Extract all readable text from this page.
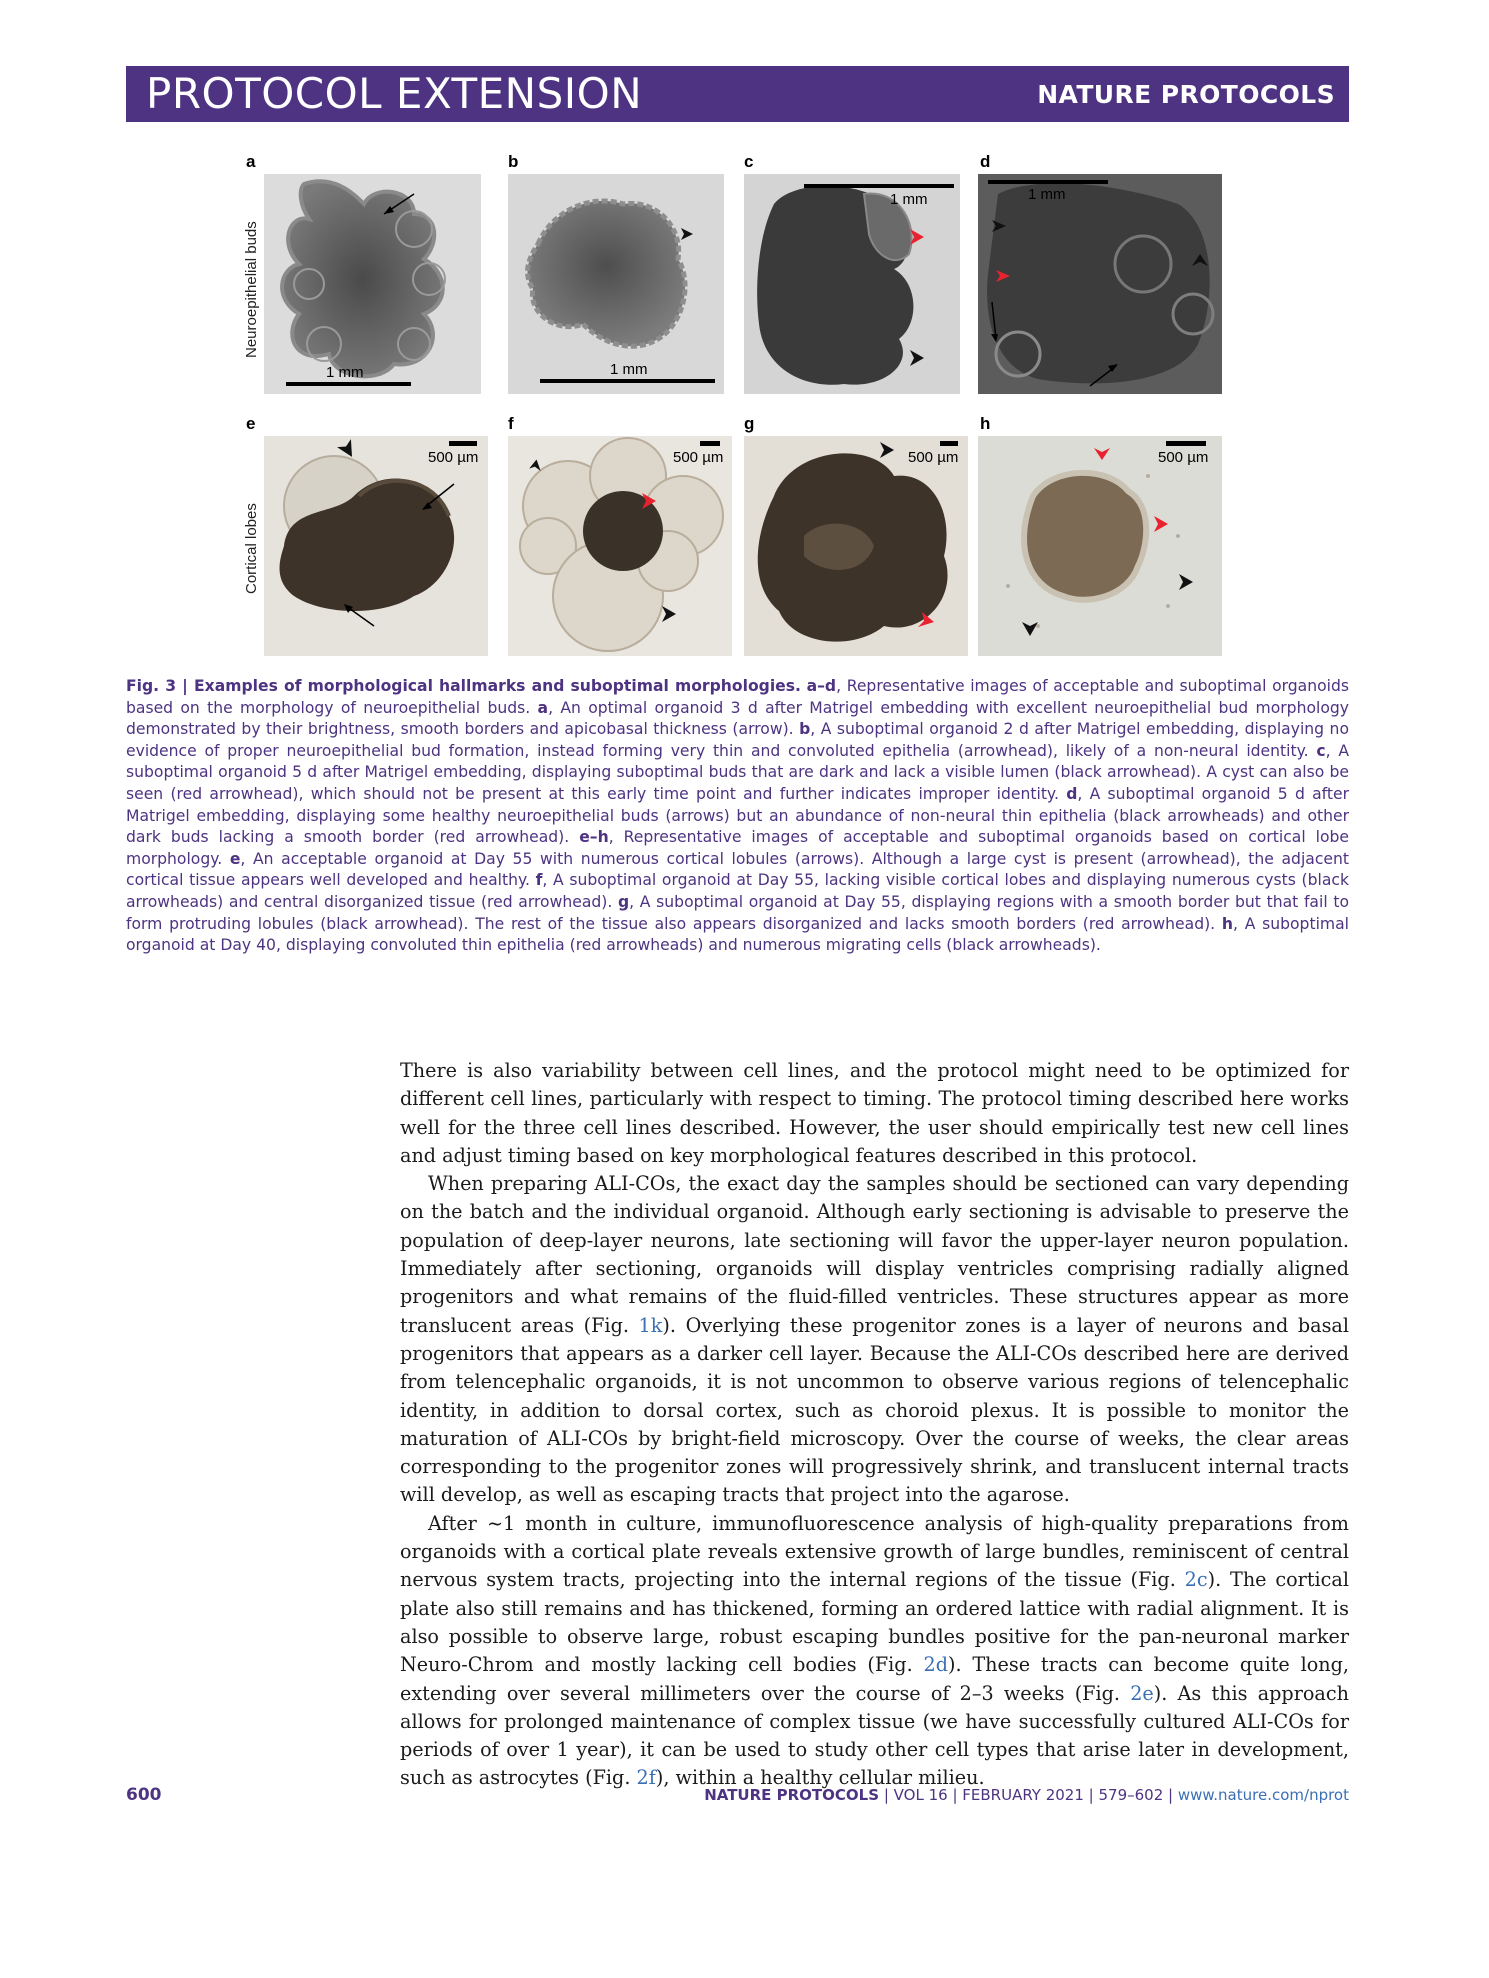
PROTOCOL EXTENSION	NATURE PROTOCOLS
Neuroepithelial buds
Cortical lobes
a	b	c	d
e	f	g	h
1 mm	1 mm
1 mm	1 mm
500 µm	500 µm	500 µm	500 µm
Fig. 3 | Examples of morphological hallmarks and suboptimal morphologies. a–d, Representative images of acceptable and suboptimal organoids based on the morphology of neuroepithelial buds. a, An optimal organoid 3 d after Matrigel embedding with excellent neuroepithelial bud morphology demonstrated by their brightness, smooth borders and apicobasal thickness (arrow). b, A suboptimal organoid 2 d after Matrigel embedding, displaying no evidence of proper neuroepithelial bud formation, instead forming very thin and convoluted epithelia (arrowhead), likely of a non-neural identity. c, A suboptimal organoid 5 d after Matrigel embedding, displaying suboptimal buds that are dark and lack a visible lumen (black arrowhead). A cyst can also be seen (red arrowhead), which should not be present at this early time point and further indicates improper identity. d, A suboptimal organoid 5 d after Matrigel embedding, displaying some healthy neuroepithelial buds (arrows) but an abundance of non-neural thin epithelia (black arrowheads) and other dark buds lacking a smooth border (red arrowhead). e–h, Representative images of acceptable and suboptimal organoids based on cortical lobe morphology. e, An acceptable organoid at Day 55 with numerous cortical lobules (arrows). Although a large cyst is present (arrowhead), the adjacent cortical tissue appears well developed and healthy. f, A suboptimal organoid at Day 55, lacking visible cortical lobes and displaying numerous cysts (black arrowheads) and central disorganized tissue (red arrowhead). g, A suboptimal organoid at Day 55, displaying regions with a smooth border but that fail to form protruding lobules (black arrowhead). The rest of the tissue also appears disorganized and lacks smooth borders (red arrowhead). h, A suboptimal organoid at Day 40, displaying convoluted thin epithelia (red arrowheads) and numerous migrating cells (black arrowheads).

There is also variability between cell lines, and the protocol might need to be optimized for different cell lines, particularly with respect to timing. The protocol timing described here works well for the three cell lines described. However, the user should empirically test new cell lines and adjust timing based on key morphological features described in this protocol.

When preparing ALI-COs, the exact day the samples should be sectioned can vary depending on the batch and the individual organoid. Although early sectioning is advisable to preserve the population of deep-layer neurons, late sectioning will favor the upper-layer neuron population. Immediately after sectioning, organoids will display ventricles comprising radially aligned progenitors and what remains of the fluid-filled ventricles. These structures appear as more translucent areas (Fig. 1k). Overlying these progenitor zones is a layer of neurons and basal progenitors that appears as a darker cell layer. Because the ALI-COs described here are derived from telencephalic organoids, it is not uncommon to observe various regions of telencephalic identity, in addition to dorsal cortex, such as choroid plexus. It is possible to monitor the maturation of ALI-COs by bright-field microscopy. Over the course of weeks, the clear areas corresponding to the progenitor zones will progressively shrink, and translucent internal tracts will develop, as well as escaping tracts that project into the agarose.

After ~1 month in culture, immunofluorescence analysis of high-quality preparations from organoids with a cortical plate reveals extensive growth of large bundles, reminiscent of central nervous system tracts, projecting into the internal regions of the tissue (Fig. 2c). The cortical plate also still remains and has thickened, forming an ordered lattice with radial alignment. It is also possible to observe large, robust escaping bundles positive for the pan-neuronal marker Neuro-Chrom and mostly lacking cell bodies (Fig. 2d). These tracts can become quite long, extending over several millimeters over the course of 2–3 weeks (Fig. 2e). As this approach allows for prolonged maintenance of complex tissue (we have successfully cultured ALI-COs for periods of over 1 year), it can be used to study other cell types that arise later in development, such as astrocytes (Fig. 2f), within a healthy cellular milieu.

600	NATURE PROTOCOLS | VOL 16 | FEBRUARY 2021 | 579–602 | www.nature.com/nprot
